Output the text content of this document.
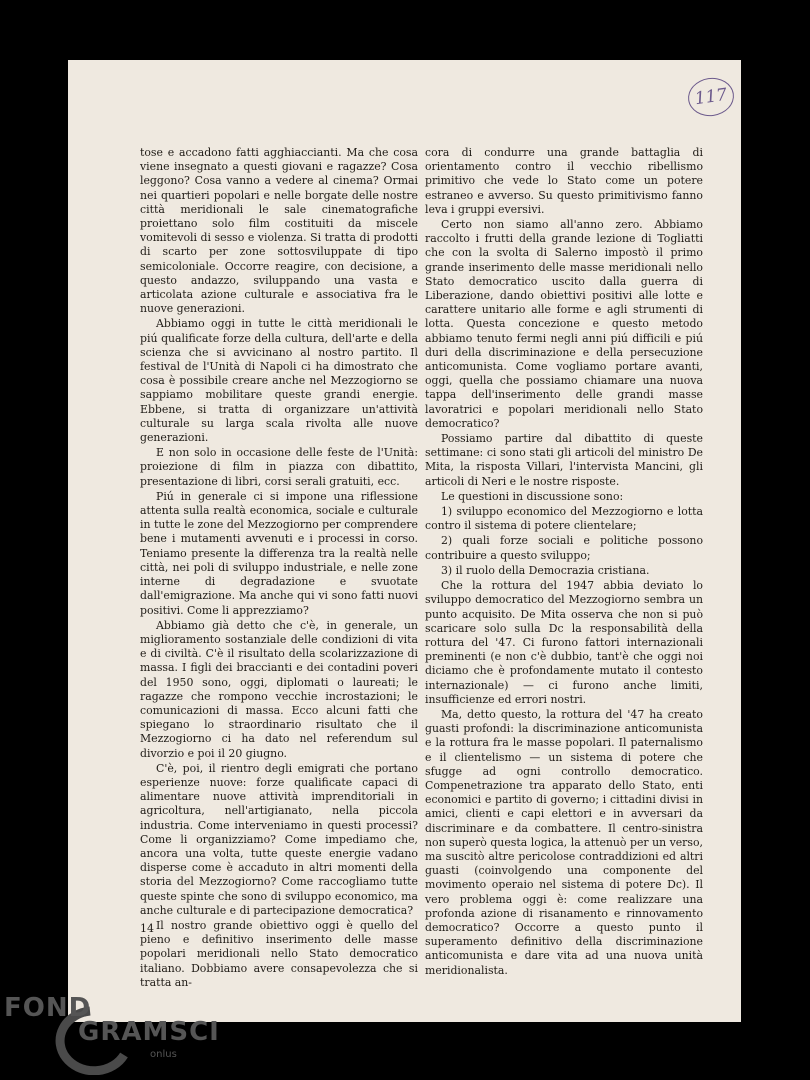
117

tose e accadono fatti agghiaccianti. Ma che cosa viene insegnato a questi giovani e ragazze? Cosa leggono? Cosa vanno a vedere al cinema? Ormai nei quartieri popolari e nelle borgate delle nostre città meridionali le sale cinematografiche proiettano solo film costituiti da miscele vomitevoli di sesso e violenza. Si tratta di prodotti di scarto per zone sottosviluppate di tipo semicoloniale. Occorre reagire, con decisione, a questo andazzo, sviluppando una vasta e articolata azione culturale e associativa fra le nuove generazioni.

Abbiamo oggi in tutte le città meridionali le piú qualificate forze della cultura, dell'arte e della scienza che si avvicinano al nostro partito. Il festival de l'Unità di Napoli ci ha dimostrato che cosa è possibile creare anche nel Mezzogiorno se sappiamo mobilitare queste grandi energie. Ebbene, si tratta di organizzare un'attività culturale su larga scala rivolta alle nuove generazioni.

E non solo in occasione delle feste de l'Unità: proiezione di film in piazza con dibattito, presentazione di libri, corsi serali gratuiti, ecc.

Piú in generale ci si impone una riflessione attenta sulla realtà economica, sociale e culturale in tutte le zone del Mezzogiorno per comprendere bene i mutamenti avvenuti e i processi in corso. Teniamo presente la differenza tra la realtà nelle città, nei poli di sviluppo industriale, e nelle zone interne di degradazione e svuotate dall'emigrazione. Ma anche qui vi sono fatti nuovi positivi. Come li apprezziamo?

Abbiamo già detto che c'è, in generale, un miglioramento sostanziale delle condizioni di vita e di civiltà. C'è il risultato della scolarizzazione di massa. I figli dei braccianti e dei contadini poveri del 1950 sono, oggi, diplomati o laureati; le ragazze che rompono vecchie incrostazioni; le comunicazioni di massa. Ecco alcuni fatti che spiegano lo straordinario risultato che il Mezzogiorno ci ha dato nel referendum sul divorzio e poi il 20 giugno.

C'è, poi, il rientro degli emigrati che portano esperienze nuove: forze qualificate capaci di alimentare nuove attività imprenditoriali in agricoltura, nell'artigianato, nella piccola industria. Come interveniamo in questi processi? Come li organizziamo? Come impediamo che, ancora una volta, tutte queste energie vadano disperse come è accaduto in altri momenti della storia del Mezzogiorno? Come raccogliamo tutte queste spinte che sono di sviluppo economico, ma anche culturale e di partecipazione democratica?

Il nostro grande obiettivo oggi è quello del pieno e definitivo inserimento delle masse popolari meridionali nello Stato democratico italiano. Dobbiamo avere consapevolezza che si tratta an-

cora di condurre una grande battaglia di orientamento contro il vecchio ribellismo primitivo che vede lo Stato come un potere estraneo e avverso. Su questo primitivismo fanno leva i gruppi eversivi.

Certo non siamo all'anno zero. Abbiamo raccolto i frutti della grande lezione di Togliatti che con la svolta di Salerno impostò il primo grande inserimento delle masse meridionali nello Stato democratico uscito dalla guerra di Liberazione, dando obiettivi positivi alle lotte e carattere unitario alle forme e agli strumenti di lotta. Questa concezione e questo metodo abbiamo tenuto fermi negli anni piú difficili e piú duri della discriminazione e della persecuzione anticomunista. Come vogliamo portare avanti, oggi, quella che possiamo chiamare una nuova tappa dell'inserimento delle grandi masse lavoratrici e popolari meridionali nello Stato democratico?

Possiamo partire dal dibattito di queste settimane: ci sono stati gli articoli del ministro De Mita, la risposta Villari, l'intervista Mancini, gli articoli di Neri e le nostre risposte.

Le questioni in discussione sono:

1) sviluppo economico del Mezzogiorno e lotta contro il sistema di potere clientelare;

2) quali forze sociali e politiche possono contribuire a questo sviluppo;

3) il ruolo della Democrazia cristiana.

Che la rottura del 1947 abbia deviato lo sviluppo democratico del Mezzogiorno sembra un punto acquisito. De Mita osserva che non si può scaricare solo sulla Dc la responsabilità della rottura del '47. Ci furono fattori internazionali preminenti (e non c'è dubbio, tant'è che oggi noi diciamo che è profondamente mutato il contesto internazionale) — ci furono anche limiti, insufficienze ed errori nostri.

Ma, detto questo, la rottura del '47 ha creato guasti profondi: la discriminazione anticomunista e la rottura fra le masse popolari. Il paternalismo e il clientelismo — un sistema di potere che sfugge ad ogni controllo democratico. Compenetrazione tra apparato dello Stato, enti economici e partito di governo; i cittadini divisi in amici, clienti e capi elettori e in avversari da discriminare e da combattere. Il centro-sinistra non superò questa logica, la attenuò per un verso, ma suscitò altre pericolose contraddizioni ed altri guasti (coinvolgendo una componente del movimento operaio nel sistema di potere Dc). Il vero problema oggi è: come realizzare una profonda azione di risanamento e rinnovamento democratico? Occorre a questo punto il superamento definitivo della discriminazione anticomunista e dare vita ad una nuova unità meridionalista.

14
FOND
GRAMSCI
onlus
